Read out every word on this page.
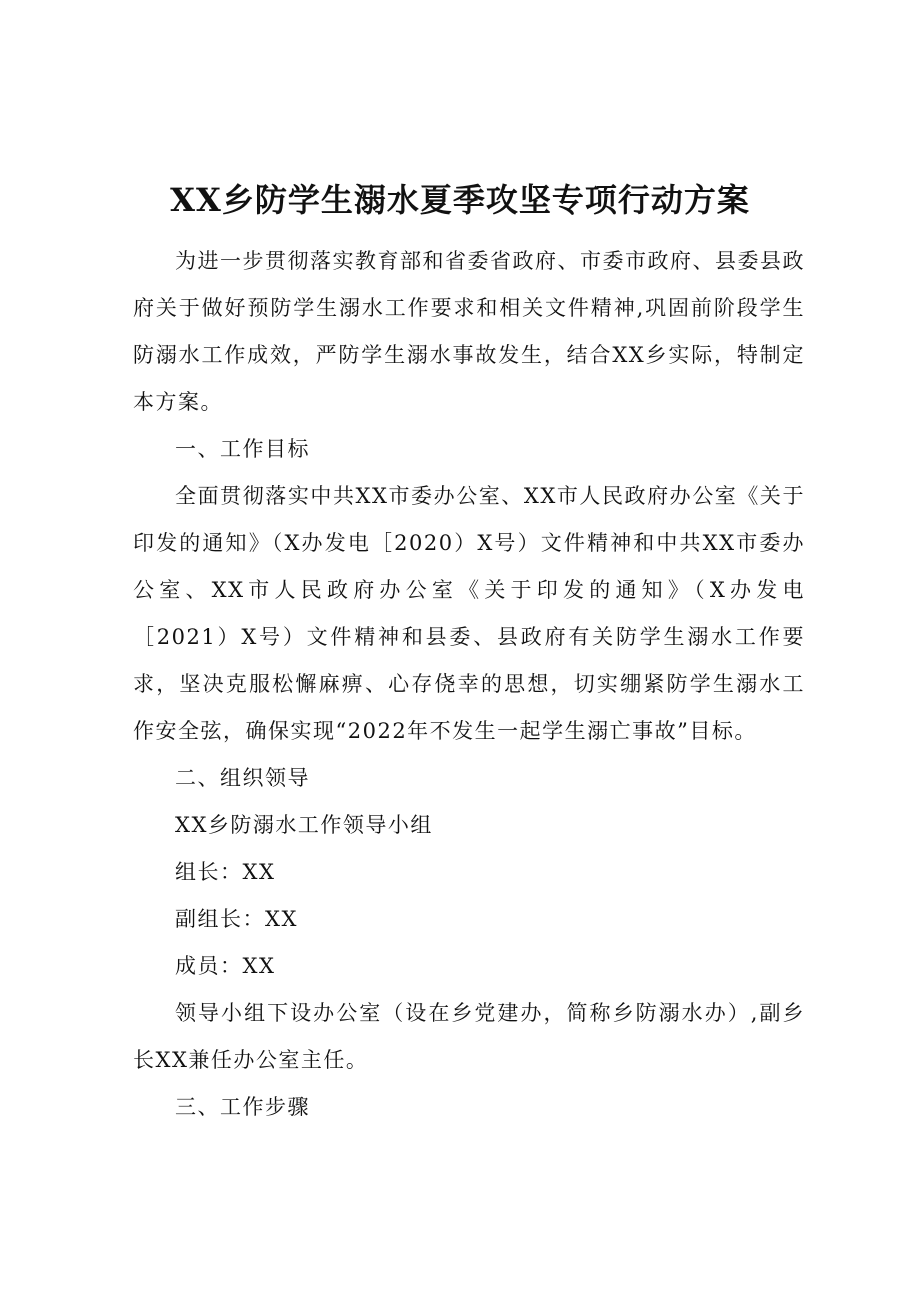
XX乡防学生溺水夏季攻坚专项行动方案

为进一步贯彻落实教育部和省委省政府、市委市政府、县委县政府关于做好预防学生溺水工作要求和相关文件精神,巩固前阶段学生防溺水工作成效，严防学生溺水事故发生，结合XX乡实际，特制定本方案。

一、工作目标

全面贯彻落实中共XX市委办公室、XX市人民政府办公室《关于印发的通知》（X办发电［2020）X号）文件精神和中共XX市委办公室、XX市人民政府办公室《关于印发的通知》（X办发电［2021）X号）文件精神和县委、县政府有关防学生溺水工作要求，坚决克服松懈麻痹、心存侥幸的思想，切实绷紧防学生溺水工作安全弦，确保实现“2022年不发生一起学生溺亡事故”目标。

二、组织领导

XX乡防溺水工作领导小组

组长：XX

副组长：XX

成员：XX

领导小组下设办公室（设在乡党建办，简称乡防溺水办）,副乡长XX兼任办公室主任。

三、工作步骤
